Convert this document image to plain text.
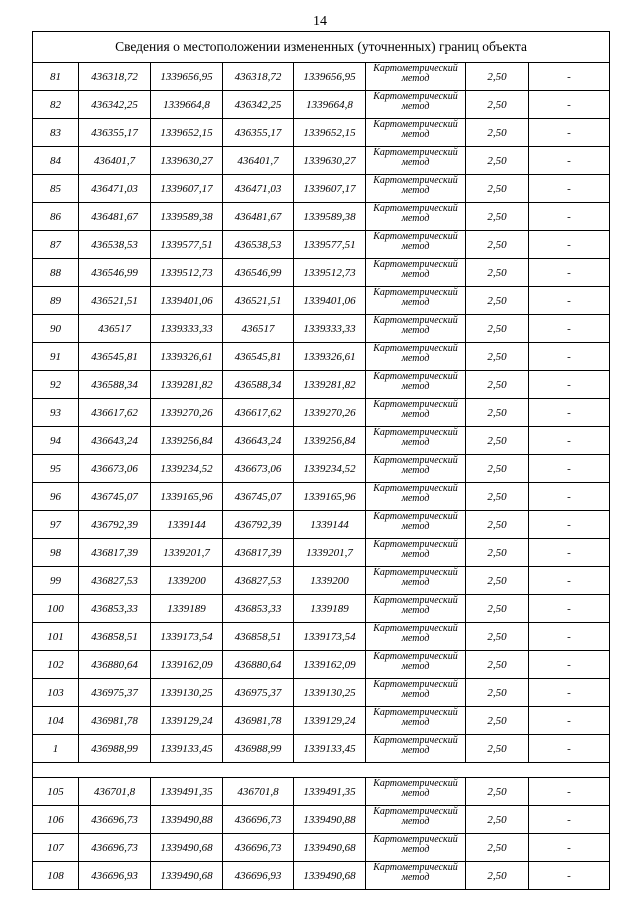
14
Сведения о местоположении измененных (уточненных) границ объекта							
81	436318,72	1339656,95	436318,72	1339656,95	Картометрический
метод	2,50	-
82	436342,25	1339664,8	436342,25	1339664,8	Картометрический
метод	2,50	-
83	436355,17	1339652,15	436355,17	1339652,15	Картометрический
метод	2,50	-
84	436401,7	1339630,27	436401,7	1339630,27	Картометрический
метод	2,50	-
85	436471,03	1339607,17	436471,03	1339607,17	Картометрический
метод	2,50	-
86	436481,67	1339589,38	436481,67	1339589,38	Картометрический
метод	2,50	-
87	436538,53	1339577,51	436538,53	1339577,51	Картометрический
метод	2,50	-
88	436546,99	1339512,73	436546,99	1339512,73	Картометрический
метод	2,50	-
89	436521,51	1339401,06	436521,51	1339401,06	Картометрический
метод	2,50	-
90	436517	1339333,33	436517	1339333,33	Картометрический
метод	2,50	-
91	436545,81	1339326,61	436545,81	1339326,61	Картометрический
метод	2,50	-
92	436588,34	1339281,82	436588,34	1339281,82	Картометрический
метод	2,50	-
93	436617,62	1339270,26	436617,62	1339270,26	Картометрический
метод	2,50	-
94	436643,24	1339256,84	436643,24	1339256,84	Картометрический
метод	2,50	-
95	436673,06	1339234,52	436673,06	1339234,52	Картометрический
метод	2,50	-
96	436745,07	1339165,96	436745,07	1339165,96	Картометрический
метод	2,50	-
97	436792,39	1339144	436792,39	1339144	Картометрический
метод	2,50	-
98	436817,39	1339201,7	436817,39	1339201,7	Картометрический
метод	2,50	-
99	436827,53	1339200	436827,53	1339200	Картометрический
метод	2,50	-
100	436853,33	1339189	436853,33	1339189	Картометрический
метод	2,50	-
101	436858,51	1339173,54	436858,51	1339173,54	Картометрический
метод	2,50	-
102	436880,64	1339162,09	436880,64	1339162,09	Картометрический
метод	2,50	-
103	436975,37	1339130,25	436975,37	1339130,25	Картометрический
метод	2,50	-
104	436981,78	1339129,24	436981,78	1339129,24	Картометрический
метод	2,50	-
1	436988,99	1339133,45	436988,99	1339133,45	Картометрический
метод	2,50	-

105	436701,8	1339491,35	436701,8	1339491,35	Картометрический
метод	2,50	-
106	436696,73	1339490,88	436696,73	1339490,88	Картометрический
метод	2,50	-
107	436696,73	1339490,68	436696,73	1339490,68	Картометрический
метод	2,50	-
108	436696,93	1339490,68	436696,93	1339490,68	Картометрический
метод	2,50	-
